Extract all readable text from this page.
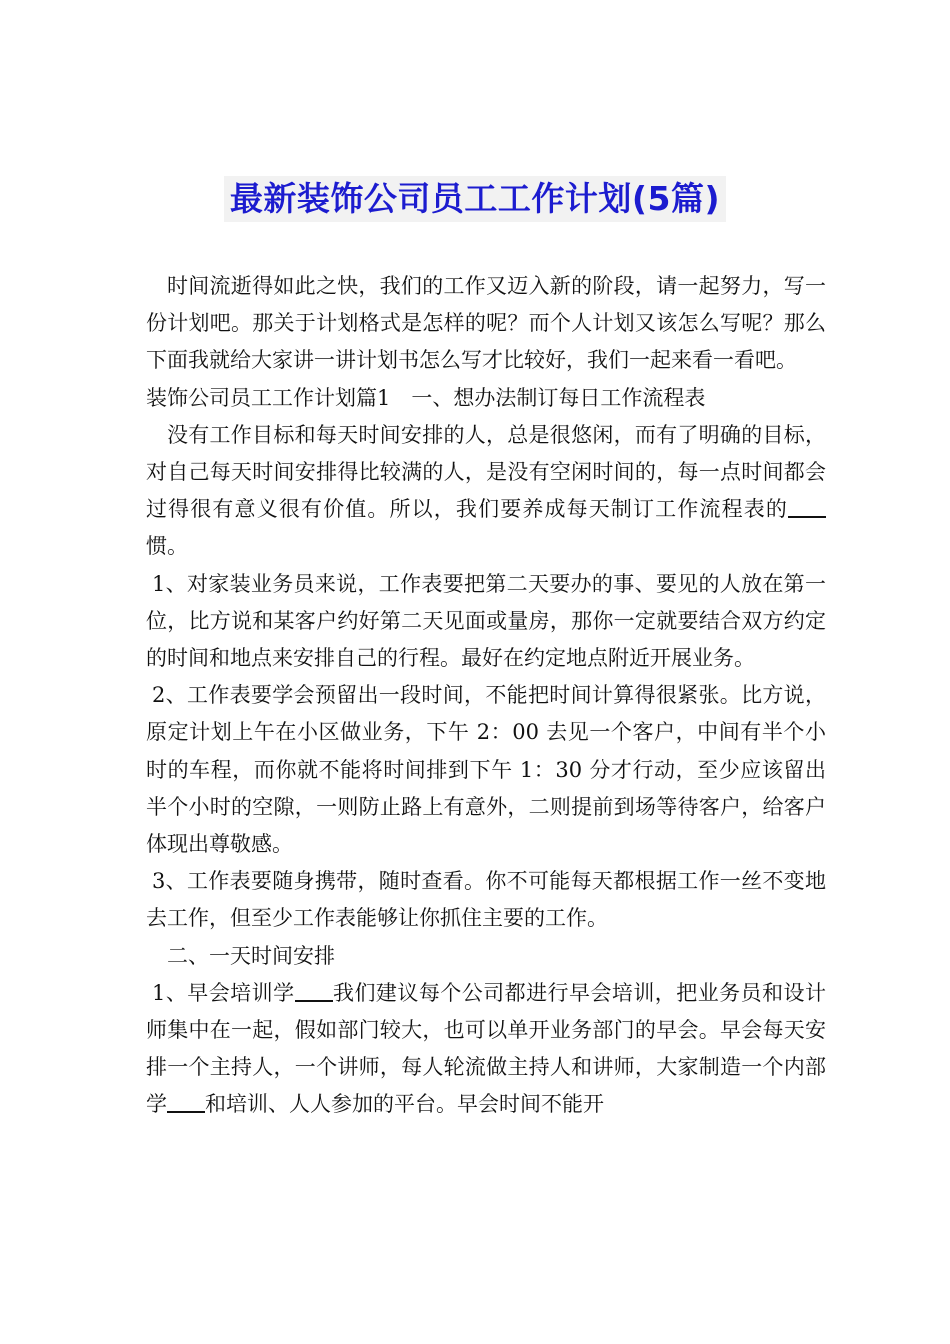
最新装饰公司员工工作计划(5篇)

时间流逝得如此之快，我们的工作又迈入新的阶段，请一起努力，写一份计划吧。那关于计划格式是怎样的呢？而个人计划又该怎么写呢？那么下面我就给大家讲一讲计划书怎么写才比较好，我们一起来看一看吧。

装饰公司员工工作计划篇1　一、想办法制订每日工作流程表

没有工作目标和每天时间安排的人，总是很悠闲，而有了明确的目标，对自己每天时间安排得比较满的人，是没有空闲时间的，每一点时间都会过得很有意义很有价值。所以，我们要养成每天制订工作流程表的惯。

1、对家装业务员来说，工作表要把第二天要办的事、要见的人放在第一位，比方说和某客户约好第二天见面或量房，那你一定就要结合双方约定的时间和地点来安排自己的行程。最好在约定地点附近开展业务。

2、工作表要学会预留出一段时间，不能把时间计算得很紧张。比方说，原定计划上午在小区做业务，下午 2：00 去见一个客户，中间有半个小时的车程，而你就不能将时间排到下午 1：30 分才行动，至少应该留出半个小时的空隙，一则防止路上有意外，二则提前到场等待客户，给客户体现出尊敬感。

3、工作表要随身携带，随时查看。你不可能每天都根据工作一丝不变地去工作，但至少工作表能够让你抓住主要的工作。

二、一天时间安排

1、早会培训学 我们建议每个公司都进行早会培训，把业务员和设计师集中在一起，假如部门较大，也可以单开业务部门的早会。早会每天安排一个主持人，一个讲师，每人轮流做主持人和讲师，大家制造一个内部学 和培训、人人参加的平台。早会时间不能开
